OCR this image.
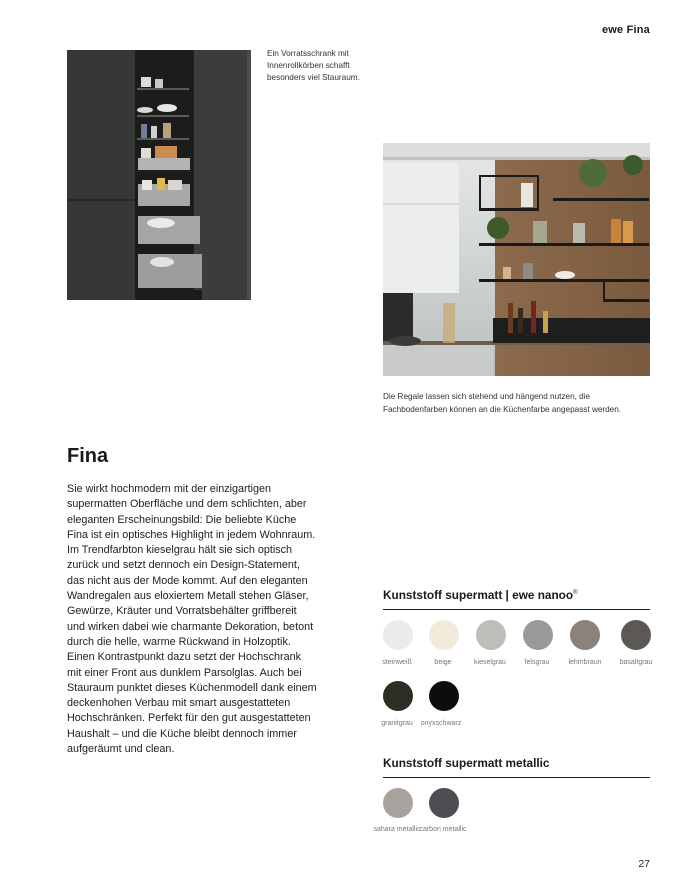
ewe Fina
Ein Vorratsschrank mit Innenrollkörben schafft besonders viel Stauraum.
Die Regale lassen sich stehend und hängend nutzen, die Fachbodenfarben können an die Küchenfarbe angepasst werden.
Fina
Sie wirkt hochmodern mit der einzigartigen supermatten Oberfläche und dem schlichten, aber eleganten Erscheinungsbild: Die beliebte Küche Fina ist ein optisches Highlight in jedem Wohnraum. Im Trendfarbton kieselgrau hält sie sich optisch zurück und setzt dennoch ein Design-Statement, das nicht aus der Mode kommt. Auf den eleganten Wandregalen aus eloxiertem Metall stehen Gläser, Gewürze, Kräuter und Vorratsbehälter griffbereit und wirken dabei wie charmante Dekoration, betont durch die helle, warme Rückwand in Holzoptik. Einen Kontrastpunkt dazu setzt der Hochschrank mit einer Front aus dunklem Parsolglas. Auch bei Stauraum punktet dieses Küchenmodell dank einem deckenhohen Verbau mit smart ausgestatteten Hochschränken. Perfekt für den gut ausgestatteten Haushalt – und die Küche bleibt dennoch immer aufgeräumt und clean.
Kunststoff supermatt | ewe nanoo®
steinweiß	beige	kieselgrau	felsgrau	lehmbraun	basaltgrau
granitgrau	onyxschwarz
Kunststoff supermatt metallic
sahara metallic
carbon metallic
27
